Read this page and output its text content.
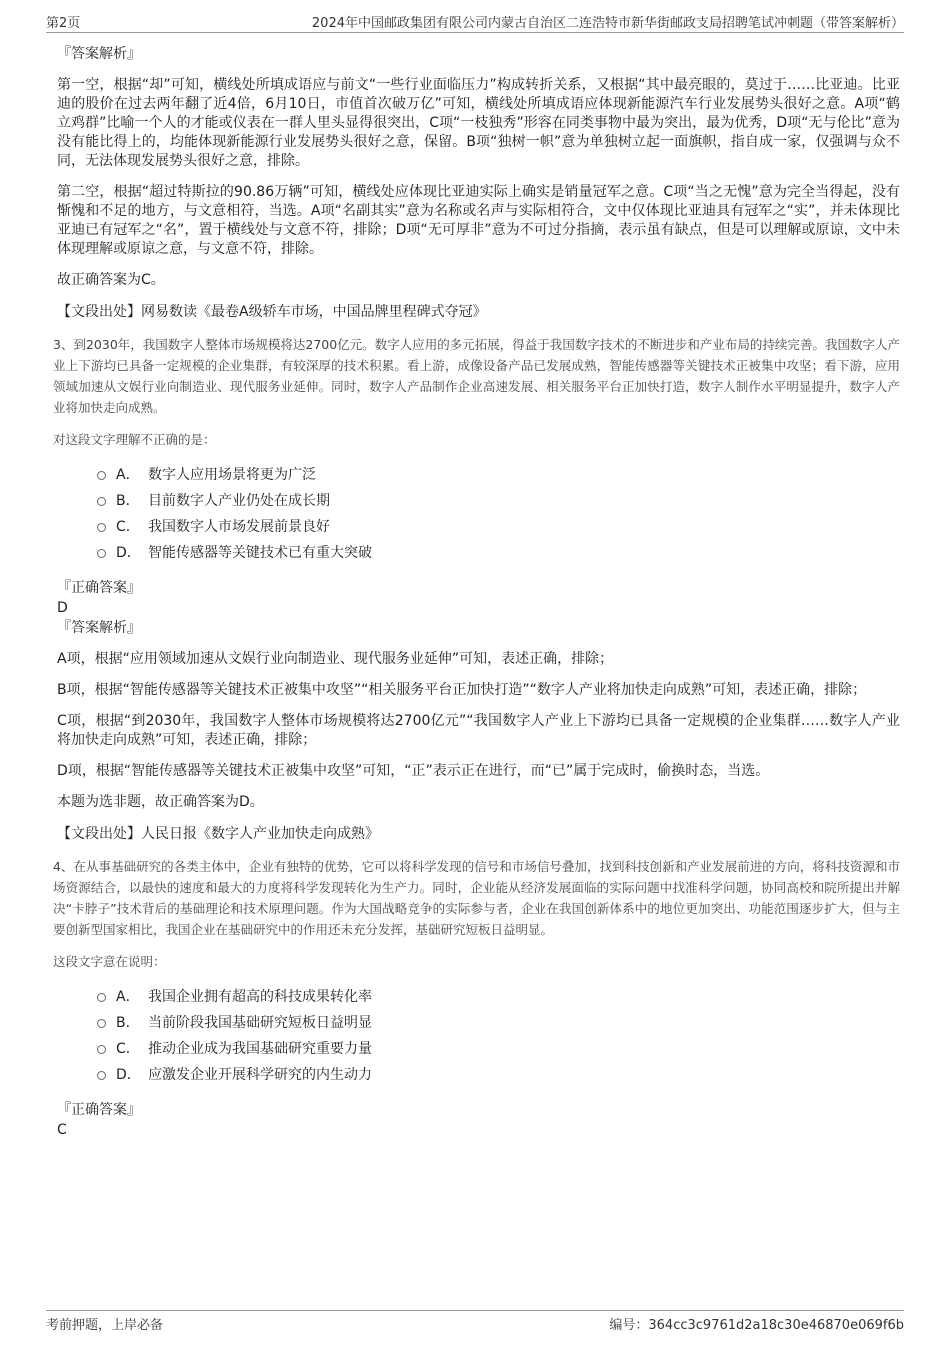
第2页	2024年中国邮政集团有限公司内蒙古自治区二连浩特市新华街邮政支局招聘笔试冲刺题（带答案解析）

『答案解析』

第一空，根据“却”可知，横线处所填成语应与前文“一些行业面临压力”构成转折关系，又根据“其中最亮眼的，莫过于……比亚迪。比亚迪的股价在过去两年翻了近4倍，6月10日，市值首次破万亿”可知，横线处所填成语应体现新能源汽车行业发展势头很好之意。A项“鹤立鸡群”比喻一个人的才能或仪表在一群人里头显得很突出，C项“一枝独秀”形容在同类事物中最为突出，最为优秀，D项“无与伦比”意为没有能比得上的，均能体现新能源行业发展势头很好之意，保留。B项“独树一帜”意为单独树立起一面旗帜，指自成一家，仅强调与众不同，无法体现发展势头很好之意，排除。

第二空，根据“超过特斯拉的90.86万辆”可知，横线处应体现比亚迪实际上确实是销量冠军之意。C项“当之无愧”意为完全当得起，没有惭愧和不足的地方，与文意相符，当选。A项“名副其实”意为名称或名声与实际相符合，文中仅体现比亚迪具有冠军之“实”，并未体现比亚迪已有冠军之“名”，置于横线处与文意不符，排除；D项“无可厚非”意为不可过分指摘，表示虽有缺点，但是可以理解或原谅，文中未体现理解或原谅之意，与文意不符，排除。

故正确答案为C。

【文段出处】网易数读《最卷A级轿车市场，中国品牌里程碑式夺冠》

3、到2030年，我国数字人整体市场规模将达2700亿元。数字人应用的多元拓展，得益于我国数字技术的不断进步和产业布局的持续完善。我国数字人产业上下游均已具备一定规模的企业集群，有较深厚的技术积累。看上游，成像设备产品已发展成熟，智能传感器等关键技术正被集中攻坚；看下游，应用领域加速从文娱行业向制造业、现代服务业延伸。同时，数字人产品制作企业高速发展、相关服务平台正加快打造，数字人制作水平明显提升，数字人产业将加快走向成熟。

对这段文字理解不正确的是：

A． 数字人应用场景将更为广泛
B． 目前数字人产业仍处在成长期
C． 我国数字人市场发展前景良好
D． 智能传感器等关键技术已有重大突破

『正确答案』

D

『答案解析』

A项，根据“应用领域加速从文娱行业向制造业、现代服务业延伸”可知，表述正确，排除；

B项，根据“智能传感器等关键技术正被集中攻坚”“相关服务平台正加快打造”“数字人产业将加快走向成熟”可知，表述正确，排除；

C项，根据“到2030年，我国数字人整体市场规模将达2700亿元”“我国数字人产业上下游均已具备一定规模的企业集群……数字人产业将加快走向成熟”可知，表述正确，排除；

D项，根据“智能传感器等关键技术正被集中攻坚”可知，“正”表示正在进行，而“已”属于完成时，偷换时态，当选。

本题为选非题，故正确答案为D。

【文段出处】人民日报《数字人产业加快走向成熟》

4、在从事基础研究的各类主体中，企业有独特的优势，它可以将科学发现的信号和市场信号叠加，找到科技创新和产业发展前进的方向，将科技资源和市场资源结合，以最快的速度和最大的力度将科学发现转化为生产力。同时，企业能从经济发展面临的实际问题中找准科学问题，协同高校和院所提出并解决“卡脖子”技术背后的基础理论和技术原理问题。作为大国战略竞争的实际参与者，企业在我国创新体系中的地位更加突出、功能范围逐步扩大，但与主要创新型国家相比，我国企业在基础研究中的作用还未充分发挥，基础研究短板日益明显。

这段文字意在说明：

A． 我国企业拥有超高的科技成果转化率
B． 当前阶段我国基础研究短板日益明显
C． 推动企业成为我国基础研究重要力量
D． 应激发企业开展科学研究的内生动力

『正确答案』

C

考前押题，上岸必备	编号：364cc3c9761d2a18c30e46870e069f6b
